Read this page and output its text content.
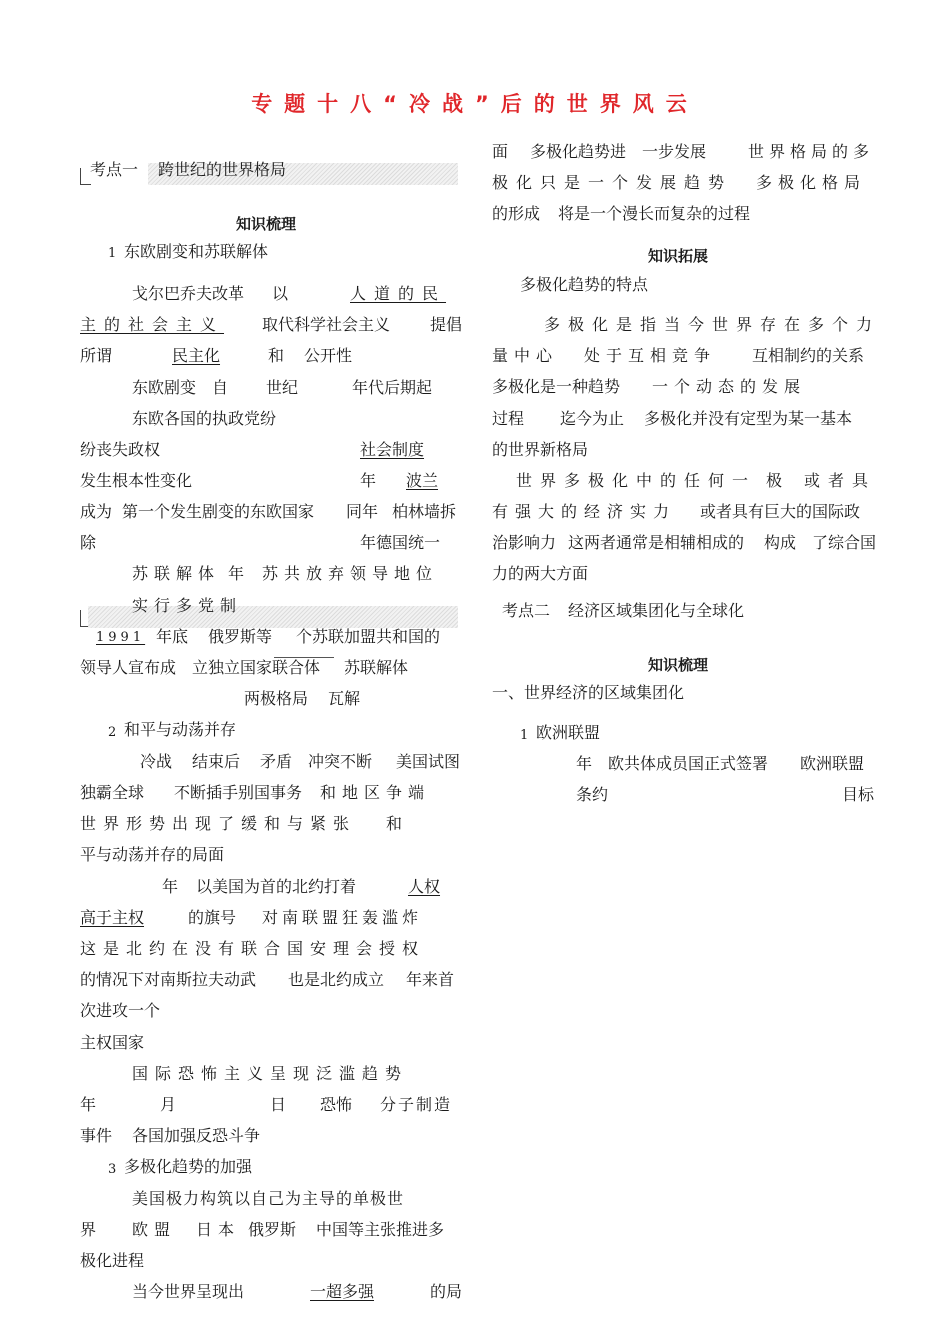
专题十八“冷战”后的世界风云
考点一 跨世纪的世界格局
知识梳理
1 东欧剧变和苏联解体
戈尔巴乔夫改革 以	人道的民
主的社会主义 取代科学社会主义 提倡
所谓	民主化	和 公开性
东欧剧变 自 世纪	年代后期起
东欧各国的执政党纷
纷丧失政权	社会制度
发生根本性变化	年 波兰
成为 第一个发生剧变的东欧国家 同年 柏林墙拆
除	年德国统一
苏联解体 年 苏共放弃领导地位
实行多党制
1991 年底 俄罗斯等 个苏联加盟共和国的
领导人宣布成 立独立国家联合体 苏联解体
两极格局 瓦解
2 和平与动荡并存
冷战 结束后 矛盾 冲突不断 美国试图
独霸全球 不 断插手别国事务 和地区争端
世界形势出现了缓和与紧张 和
平与动荡并存的局面
年 以美国为首的北约打着	人权
高于主权	的旗号 对南联盟狂轰滥炸
这是北约在没有联合国安理会授权
的情况下对南斯拉夫动武 也是北约成立 年来首
次进攻一个
主权国家
国际恐怖主义呈现泛滥趋势
年	月	日 恐怖 分子制造
事件 各国加强反恐斗争
3 多极化趋势的加强
美国极力构筑以自己为主导的单极世
界 欧盟 日本 俄罗斯 中国等主张推进多
极化进程
当今世界呈现出	一超多强	的局
面 多极化趋势进 一步发展	世界格局的多
极化只是一个发展趋势 多极化格局
的形成 将是一个漫长而复杂的过程
知识拓展
多极化趋势的特点
多极化是指当今世界存在多个力
量中心 处于互相竞争 互相制约的关系
多极化是一种趋势 一个动态的发展
过程 迄今为止 多极化并没有定型为某一基本
的世界新格局
世界多极化中的任何一 极 或者具
有强大的经济实力 或者具有巨大的国际政
治影响力 这两者通常是相辅相成的 构成 了综合国
力的两大方面
考点二 经济区域集团化与全球化
知识梳理
一、世界经济的区域集团化
1 欧洲联盟
年 欧共体成员国正式签署 欧洲联盟
条约	目标
